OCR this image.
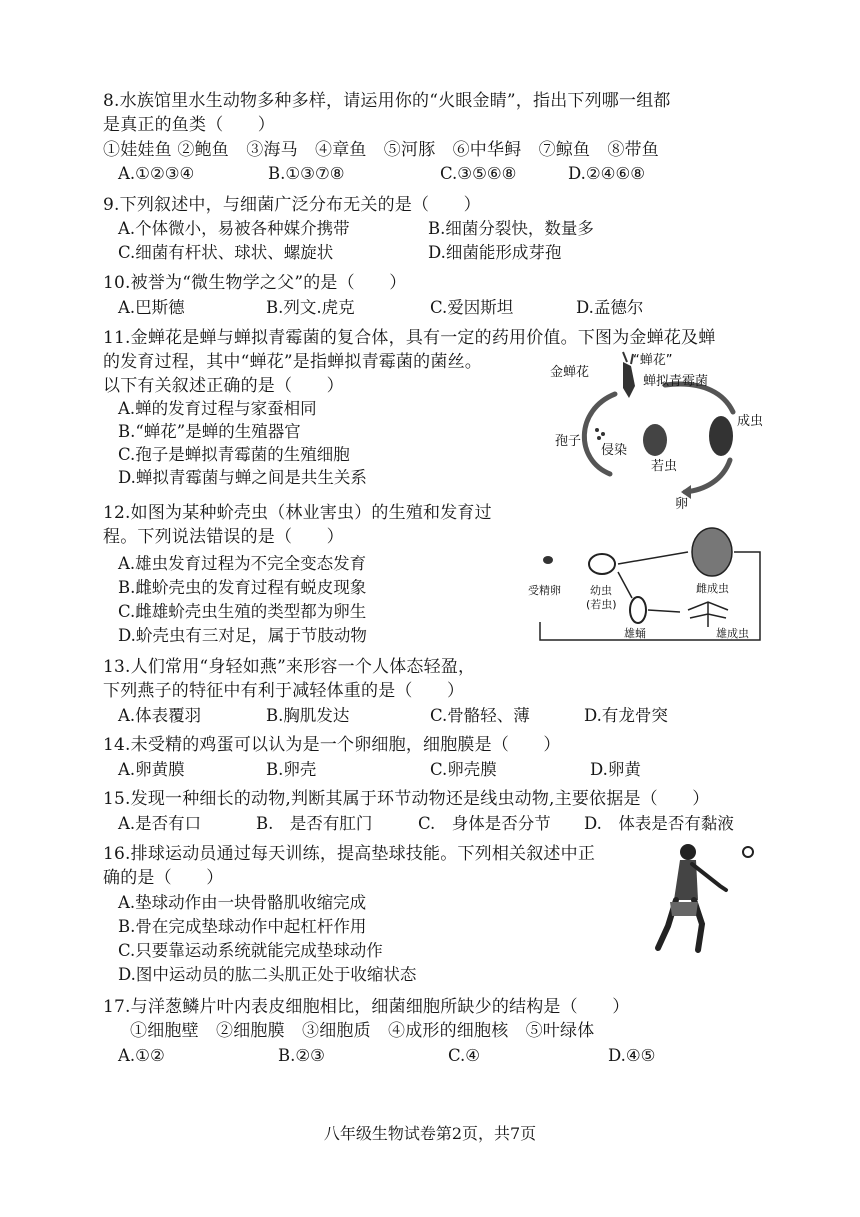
8.水族馆里水生动物多种多样，请运用你的“火眼金睛”，指出下列哪一组都
是真正的鱼类（　　）
①娃娃鱼 ②鲍鱼　③海马　④章鱼　⑤河豚　⑥中华鲟　⑦鲸鱼　⑧带鱼
A.①②③④	B.①③⑦⑧	C.③⑤⑥⑧	D.②④⑥⑧
9.下列叙述中，与细菌广泛分布无关的是（　　）
A.个体微小，易被各种媒介携带	B.细菌分裂快，数量多
C.细菌有杆状、球状、螺旋状	D.细菌能形成芽孢
10.被誉为“微生物学之父”的是（　　）
A.巴斯德	B.列文.虎克	C.爱因斯坦	D.孟德尔
11.金蝉花是蝉与蝉拟青霉菌的复合体，具有一定的药用价值。下图为金蝉花及蝉
的发育过程，其中“蝉花”是指蝉拟青霉菌的菌丝。
以下有关叙述正确的是（　　）
A.蝉的发育过程与家蚕相同
B.“蝉花”是蝉的生殖器官
C.孢子是蝉拟青霉菌的生殖细胞
D.蝉拟青霉菌与蝉之间是共生关系
金蝉花
“蝉花”
蝉拟青霉菌
成虫
孢子
侵染
若虫
卵
12.如图为某种蚧壳虫（林业害虫）的生殖和发育过
程。下列说法错误的是（　　）
A.雄虫发育过程为不完全变态发育
B.雌蚧壳虫的发育过程有蜕皮现象
C.雌雄蚧壳虫生殖的类型都为卵生
D.蚧壳虫有三对足，属于节肢动物
受精卵	幼虫
(若虫)
雌成虫
雄成虫
雄蛹
13.人们常用“身轻如燕”来形容一个人体态轻盈，
下列燕子的特征中有利于减轻体重的是（　　）
A.体表覆羽	B.胸肌发达	C.骨骼轻、薄	D.有龙骨突
14.未受精的鸡蛋可以认为是一个卵细胞，细胞膜是（　　）
A.卵黄膜	B.卵壳	C.卵壳膜	D.卵黄
15.发现一种细长的动物,判断其属于环节动物还是线虫动物,主要依据是（　　）
A.是否有口	B.　是否有肛门	C.　身体是否分节 D.　体表是否有黏液
16.排球运动员通过每天训练，提高垫球技能。下列相关叙述中正
确的是（　　）
A.垫球动作由一块骨骼肌收缩完成
B.骨在完成垫球动作中起杠杆作用
C.只要靠运动系统就能完成垫球动作
D.图中运动员的肱二头肌正处于收缩状态
17.与洋葱鳞片叶内表皮细胞相比，细菌细胞所缺少的结构是（　　）
①细胞壁　②细胞膜　③细胞质　④成形的细胞核　⑤叶绿体
A.①②	B.②③	C.④	D.④⑤
八年级生物试卷第2页，共7页
